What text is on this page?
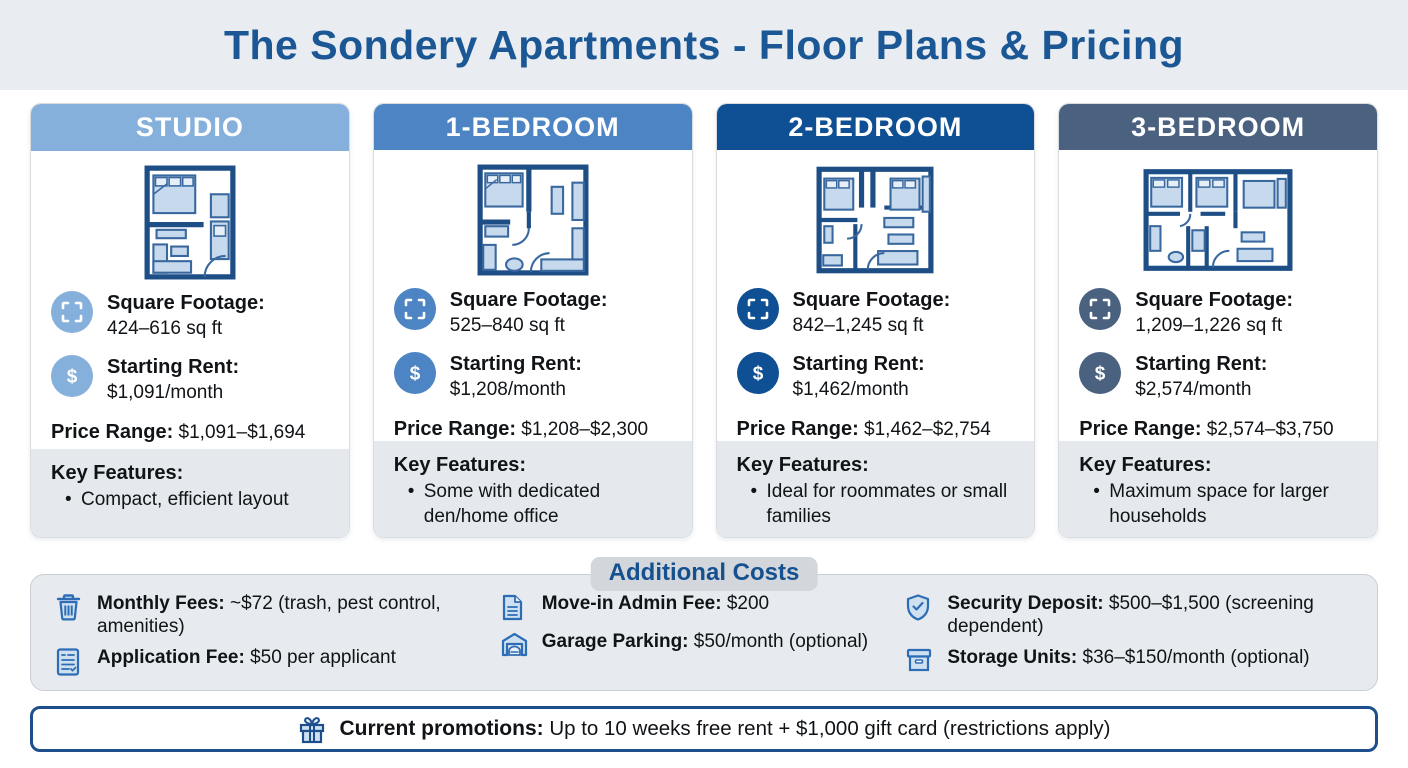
The Sondery Apartments - Floor Plans & Pricing
STUDIO
Square Footage:
424–616 sq ft
$ Starting Rent:
$1,091/month
Price Range: $1,091–$1,694
Key Features:
• Compact, efficient layout
1-BEDROOM
Square Footage:
525–840 sq ft
$ Starting Rent:
$1,208/month
Price Range: $1,208–$2,300
Key Features:
• Some with dedicated den/home office
2-BEDROOM
Square Footage:
842–1,245 sq ft
$ Starting Rent:
$1,462/month
Price Range: $1,462–$2,754
Key Features:
• Ideal for roommates or small families
3-BEDROOM
Square Footage:
1,209–1,226 sq ft
$ Starting Rent:
$2,574/month
Price Range: $2,574–$3,750
Key Features:
• Maximum space for larger households
Additional Costs
Monthly Fees: ~$72 (trash, pest control, amenities)
Application Fee: $50 per applicant
Move-in Admin Fee: $200
Garage Parking: $50/month (optional)
Security Deposit: $500–$1,500 (screening dependent)
Storage Units: $36–$150/month (optional)
Current promotions: Up to 10 weeks free rent + $1,000 gift card (restrictions apply)
